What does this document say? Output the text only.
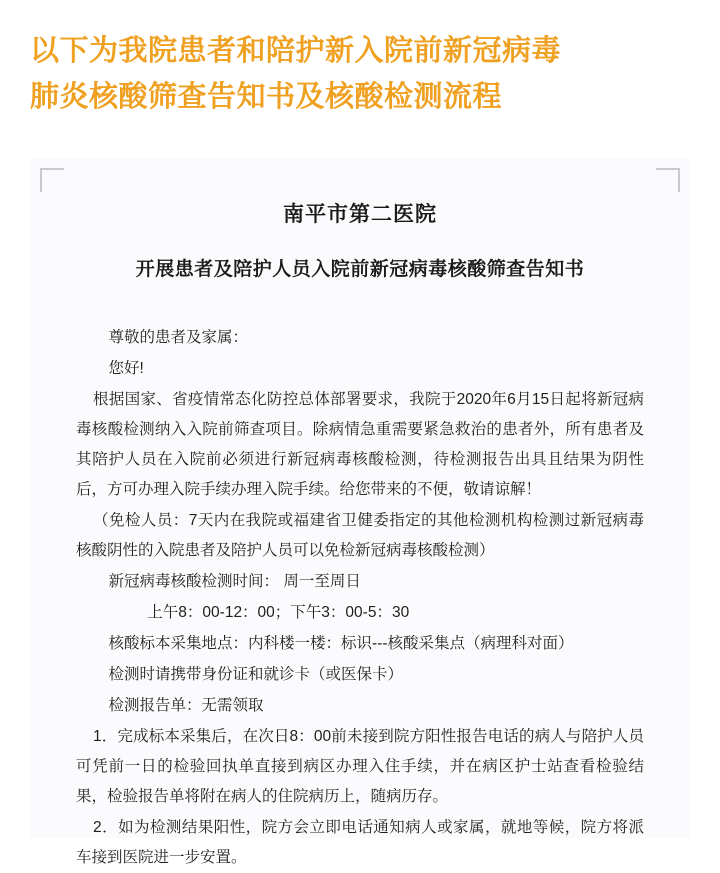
以下为我院患者和陪护新入院前新冠病毒
肺炎核酸筛查告知书及核酸检测流程
南平市第二医院
开展患者及陪护人员入院前新冠病毒核酸筛查告知书

尊敬的患者及家属：

您好!

根据国家、省疫情常态化防控总体部署要求，我院于2020年6月15日起将新冠病毒核酸检测纳入入院前筛查项目。除病情急重需要紧急救治的患者外，所有患者及其陪护人员在入院前必须进行新冠病毒核酸检测，待检测报告出具且结果为阴性后，方可办理入院手续办理入院手续。给您带来的不便，敬请谅解！

（免检人员：7天内在我院或福建省卫健委指定的其他检测机构检测过新冠病毒核酸阴性的入院患者及陪护人员可以免检新冠病毒核酸检测）

新冠病毒核酸检测时间： 周一至周日

上午8：00-12：00；下午3：00-5：30

核酸标本采集地点：内科楼一楼：标识---核酸采集点（病理科对面）

检测时请携带身份证和就诊卡（或医保卡）

检测报告单：无需领取

1．完成标本采集后，在次日8：00前未接到院方阳性报告电话的病人与陪护人员可凭前一日的检验回执单直接到病区办理入住手续，并在病区护士站查看检验结果，检验报告单将附在病人的住院病历上，随病历存。

2．如为检测结果阳性，院方会立即电话通知病人或家属，就地等候，院方将派车接到医院进一步安置。
